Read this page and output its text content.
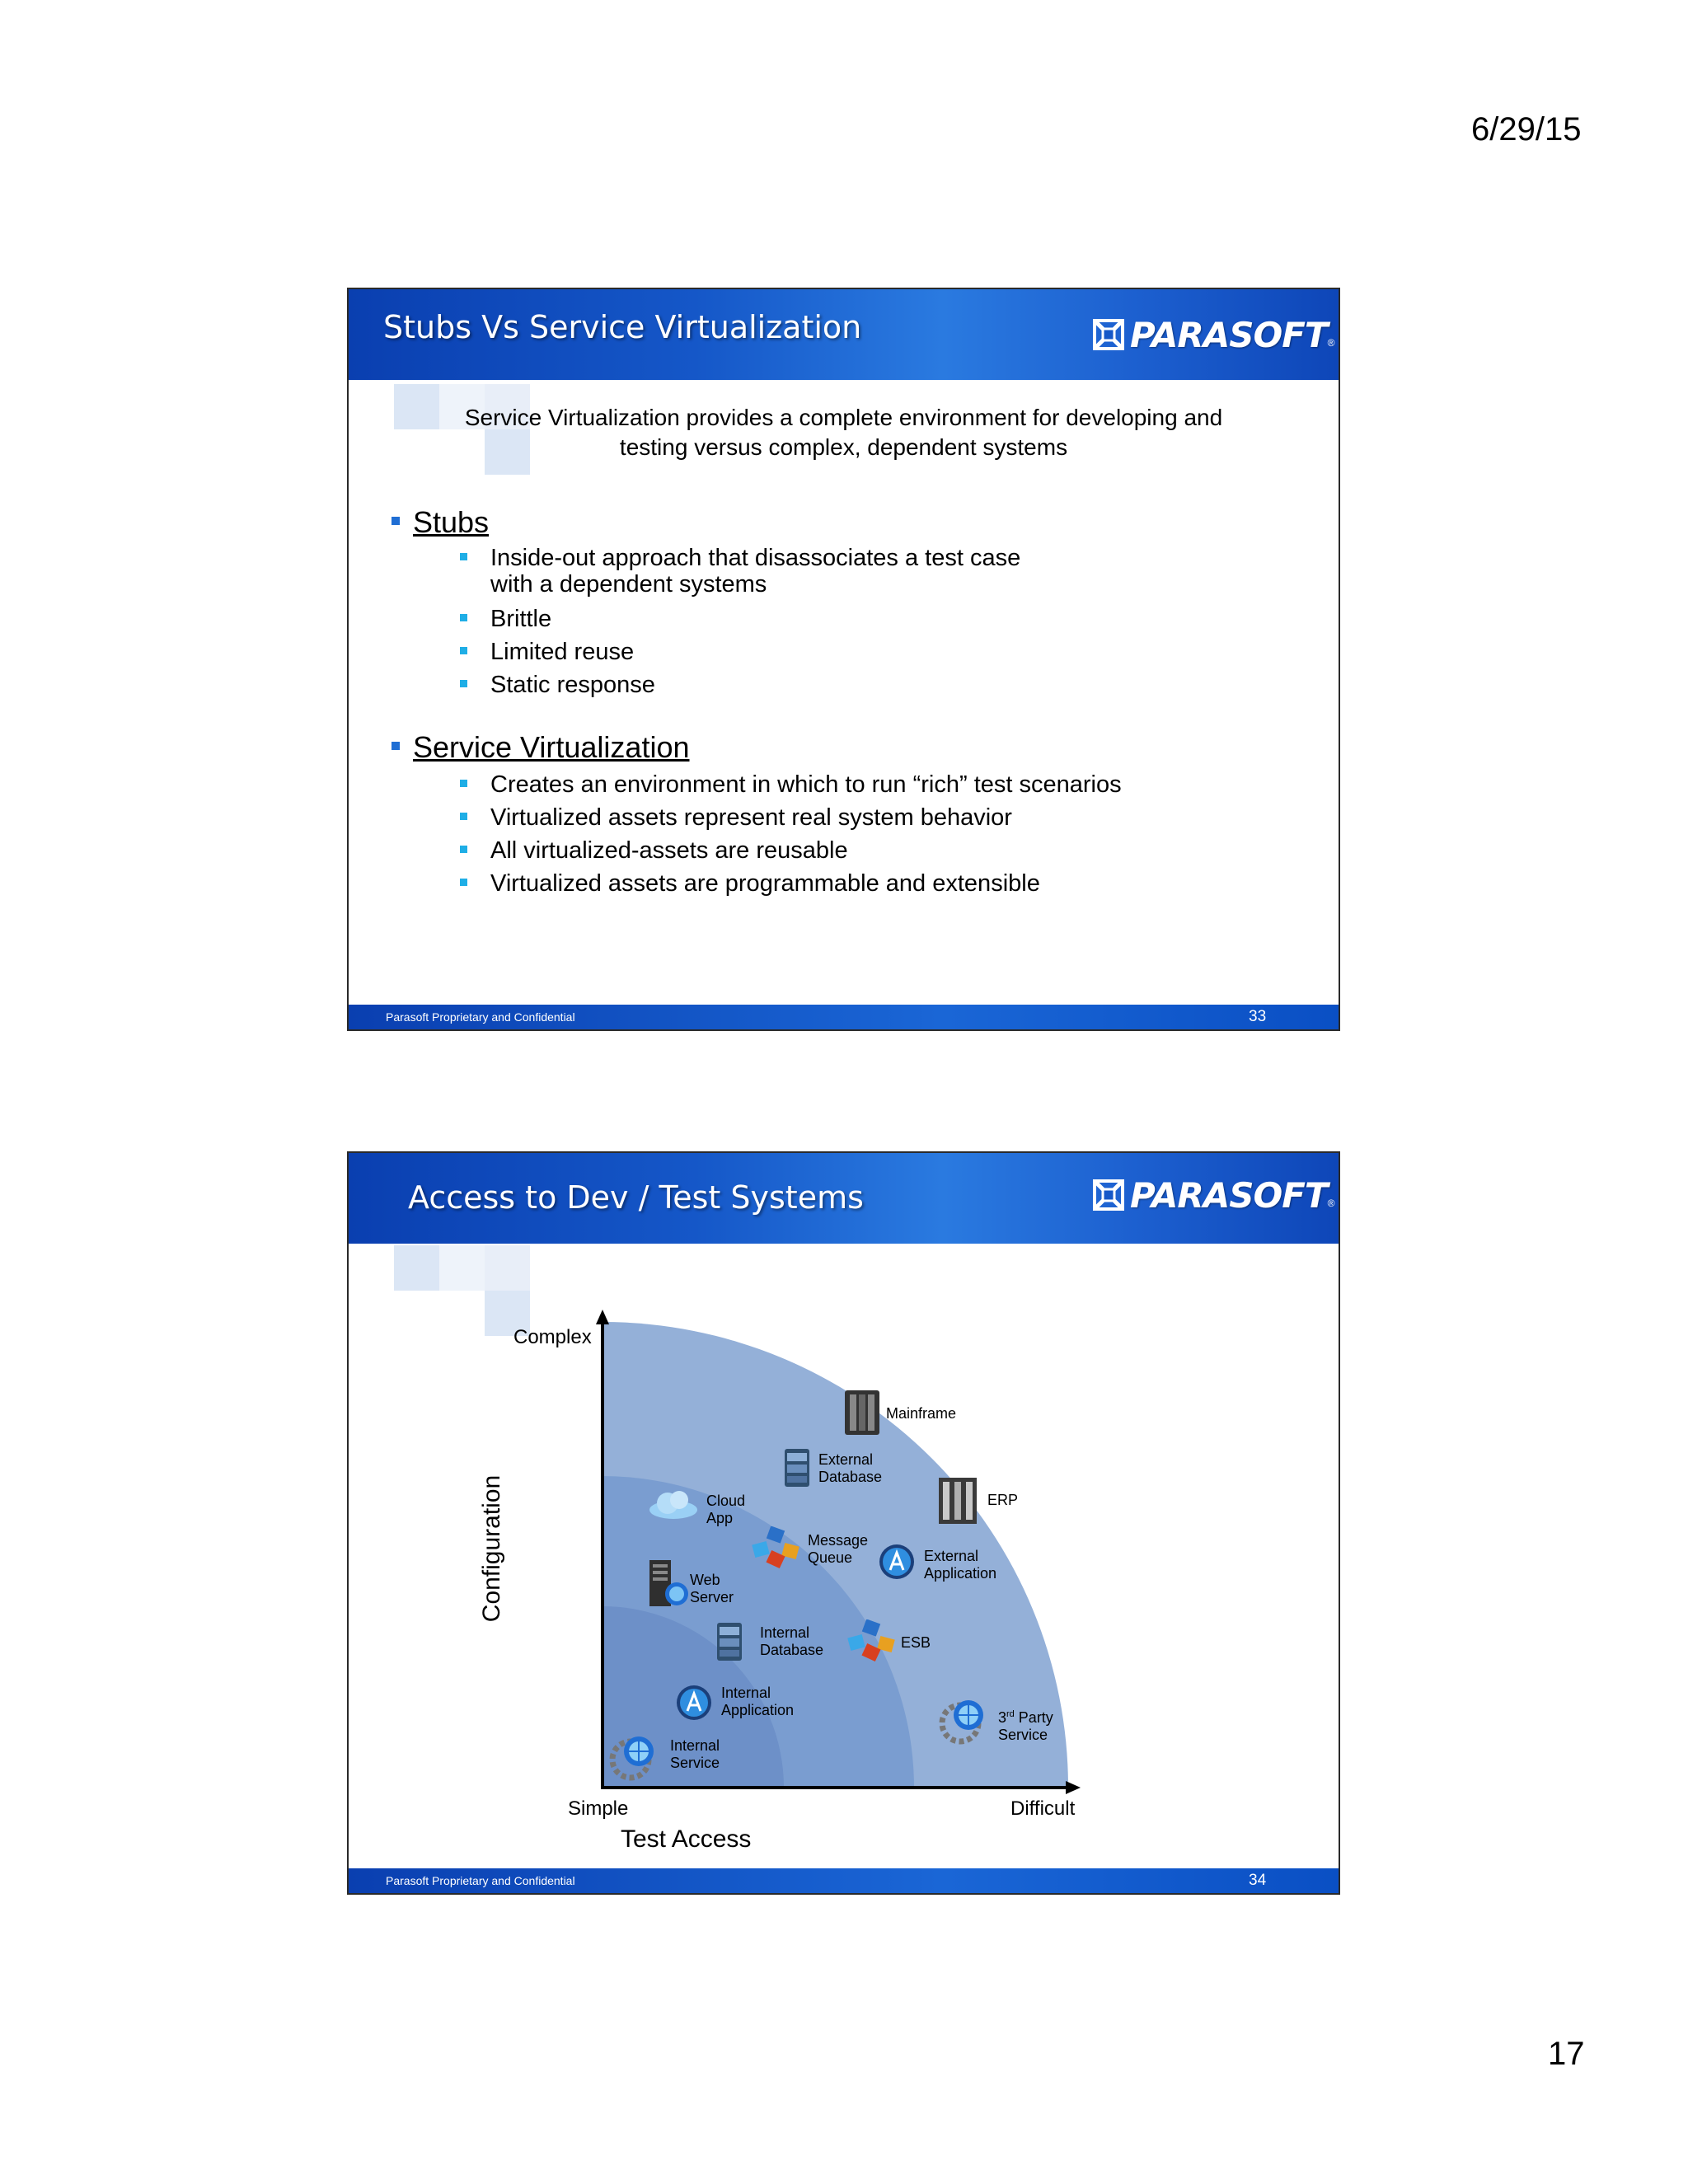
6/29/15
Stubs Vs Service Virtualization	PARASOFT ®
Service Virtualization provides a complete environment for developing and
testing versus complex, dependent systems
Stubs
Inside-out approach that disassociates a test case with a dependent systems
Brittle
Limited reuse
Static response
Service Virtualization
Creates an environment in which to run “rich” test scenarios
Virtualized assets represent real system behavior
All virtualized-assets are reusable
Virtualized assets are programmable and extensible
Parasoft Proprietary and Confidential	33
Access to Dev / Test Systems	PARASOFT ®
Complex
Simple	Difficult
Test Access
Configuration
Mainframe
External
Database
ERP
Cloud
App
Message
Queue	External
Application
Web
Server
Internal
Database	ESB
Internal
Application	3rd Party
Service
Internal
Service
Parasoft Proprietary and Confidential	34
17
